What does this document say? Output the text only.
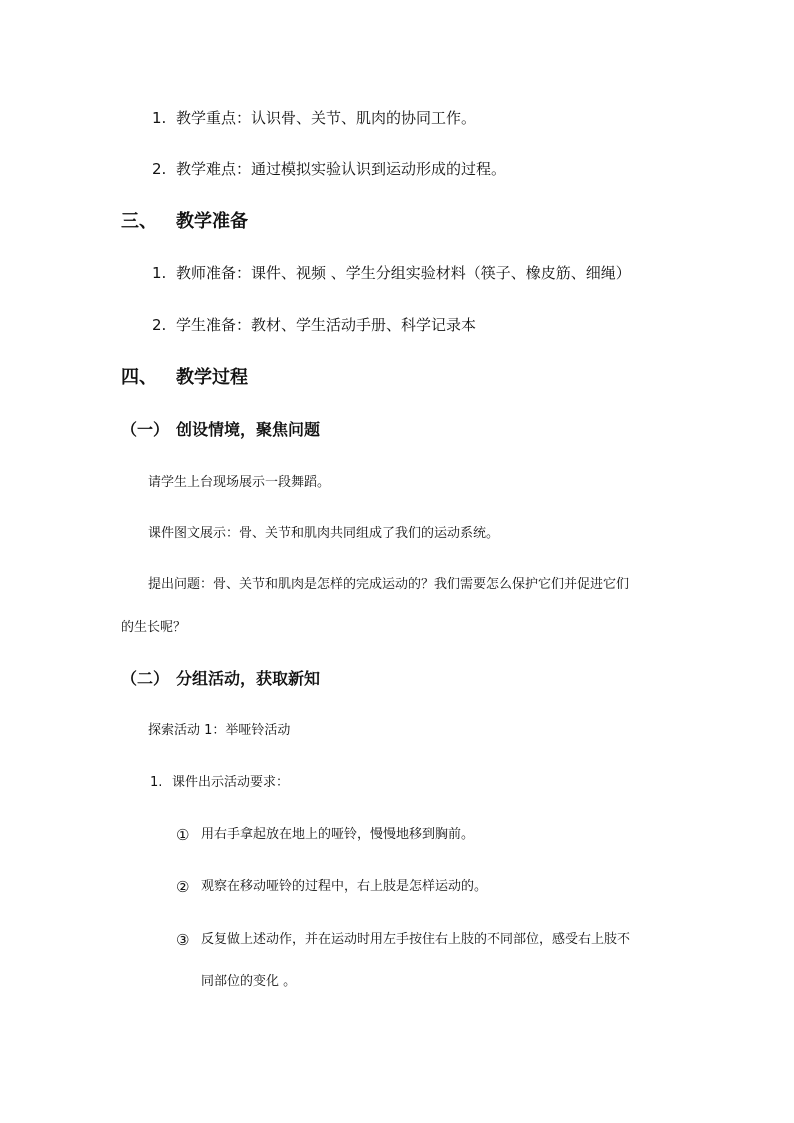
1. 教学重点：认识骨、关节、肌肉的协同工作。
2. 教学难点：通过模拟实验认识到运动形成的过程。
三、 教学准备
1. 教师准备：课件、视频 、学生分组实验材料（筷子、橡皮筋、细绳）
2. 学生准备：教材、学生活动手册、科学记录本
四、 教学过程
（一） 创设情境，聚焦问题
请学生上台现场展示一段舞蹈。
课件图文展示：骨、关节和肌肉共同组成了我们的运动系统。
提出问题：骨、关节和肌肉是怎样的完成运动的？我们需要怎么保护它们并促进它们
的生长呢？
（二） 分组活动，获取新知
探索活动 1：举哑铃活动
1. 课件出示活动要求：
① 用右手拿起放在地上的哑铃，慢慢地移到胸前。
② 观察在移动哑铃的过程中，右上肢是怎样运动的。
③ 反复做上述动作，并在运动时用左手按住右上肢的不同部位，感受右上肢不
同部位的变化 。
